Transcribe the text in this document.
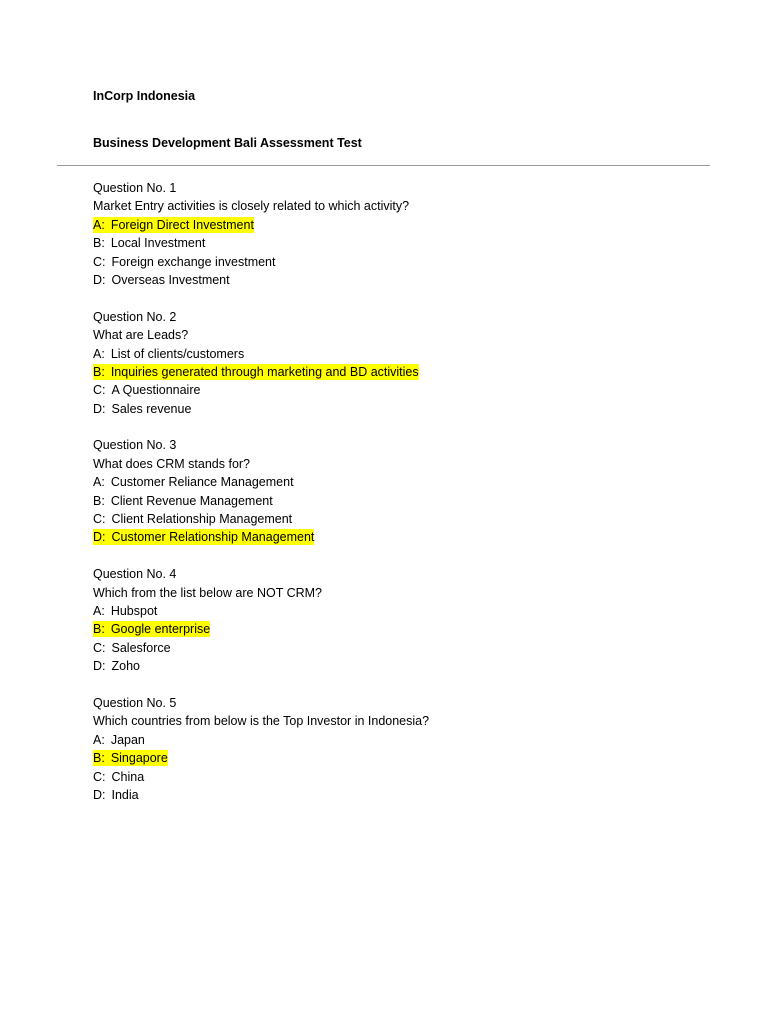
InCorp Indonesia
Business Development Bali Assessment Test
Question No. 1
Market Entry activities is closely related to which activity?
A: Foreign Direct Investment
B: Local Investment
C: Foreign exchange investment
D: Overseas Investment
Question No. 2
What are Leads?
A: List of clients/customers
B: Inquiries generated through marketing and BD activities
C: A Questionnaire
D: Sales revenue
Question No. 3
What does CRM stands for?
A: Customer Reliance Management
B: Client Revenue Management
C: Client Relationship Management
D: Customer Relationship Management
Question No. 4
Which from the list below are NOT CRM?
A: Hubspot
B: Google enterprise
C: Salesforce
D: Zoho
Question No. 5
Which countries from below is the Top Investor in Indonesia?
A: Japan
B: Singapore
C: China
D: India
